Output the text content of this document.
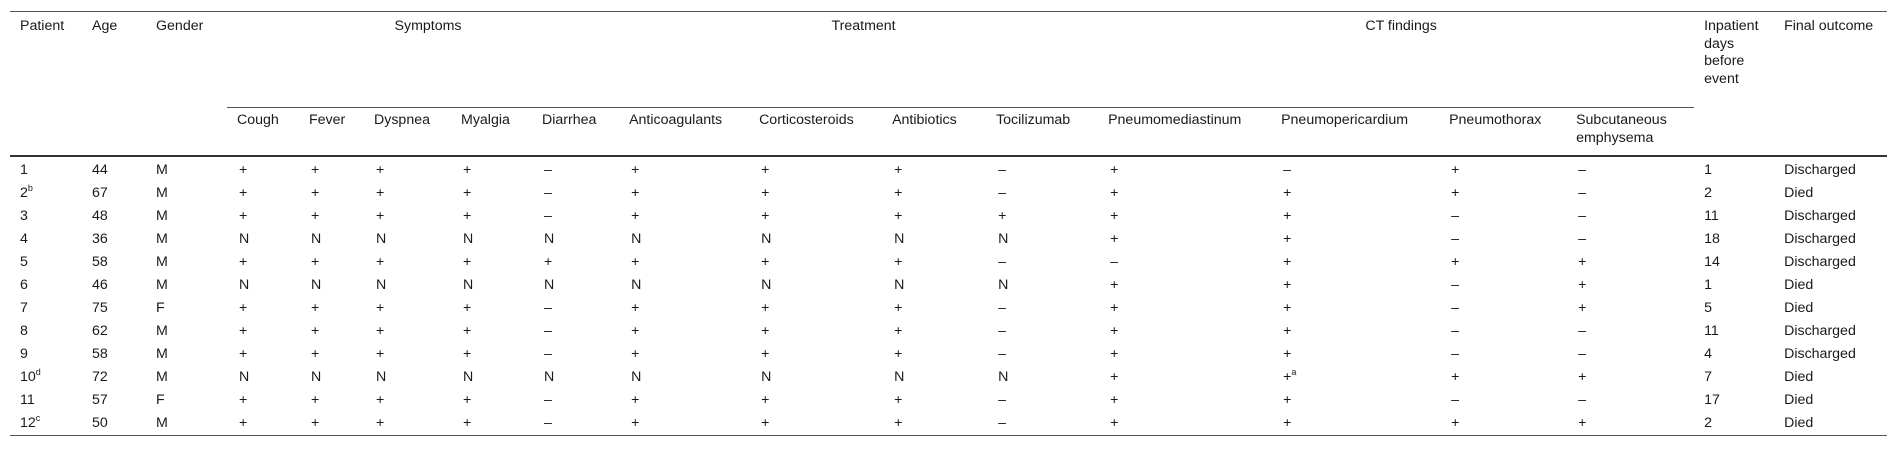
Patient	Age	Gender	Symptoms					Treatment				CT findings				Inpatient days before event	Final outcome
			Cough	Fever	Dyspnea	Myalgia	Diarrhea	Anticoagulants	Corticosteroids	Antibiotics	Tocilizumab	Pneumomediastinum	Pneumopericardium	Pneumothorax	Subcutaneous emphysema		
1	44	M	+	+	+	+	–	+	+	+	–	+	–	+	–	1	Discharged
2$^b$	67	M	+	+	+	+	–	+	+	+	–	+	+	+	–	2	Died
3	48	M	+	+	+	+	–	+	+	+	+	+	+	–	–	11	Discharged
4	36	M	N	N	N	N	N	N	N	N	N	+	+	–	–	18	Discharged
5	58	M	+	+	+	+	+	+	+	+	–	–	+	+	+	14	Discharged
6	46	M	N	N	N	N	N	N	N	N	N	+	+	–	+	1	Died
7	75	F	+	+	+	+	–	+	+	+	–	+	+	–	+	5	Died
8	62	M	+	+	+	+	–	+	+	+	–	+	+	–	–	11	Discharged
9	58	M	+	+	+	+	–	+	+	+	–	+	+	–	–	4	Discharged
10$^d$	72	M	N	N	N	N	N	N	N	N	N	+	+$^a$	+	+	7	Died
11	57	F	+	+	+	+	–	+	+	+	–	+	+	–	–	17	Died
12$^c$	50	M	+	+	+	+	–	+	+	+	–	+	+	+	+	2	Died
